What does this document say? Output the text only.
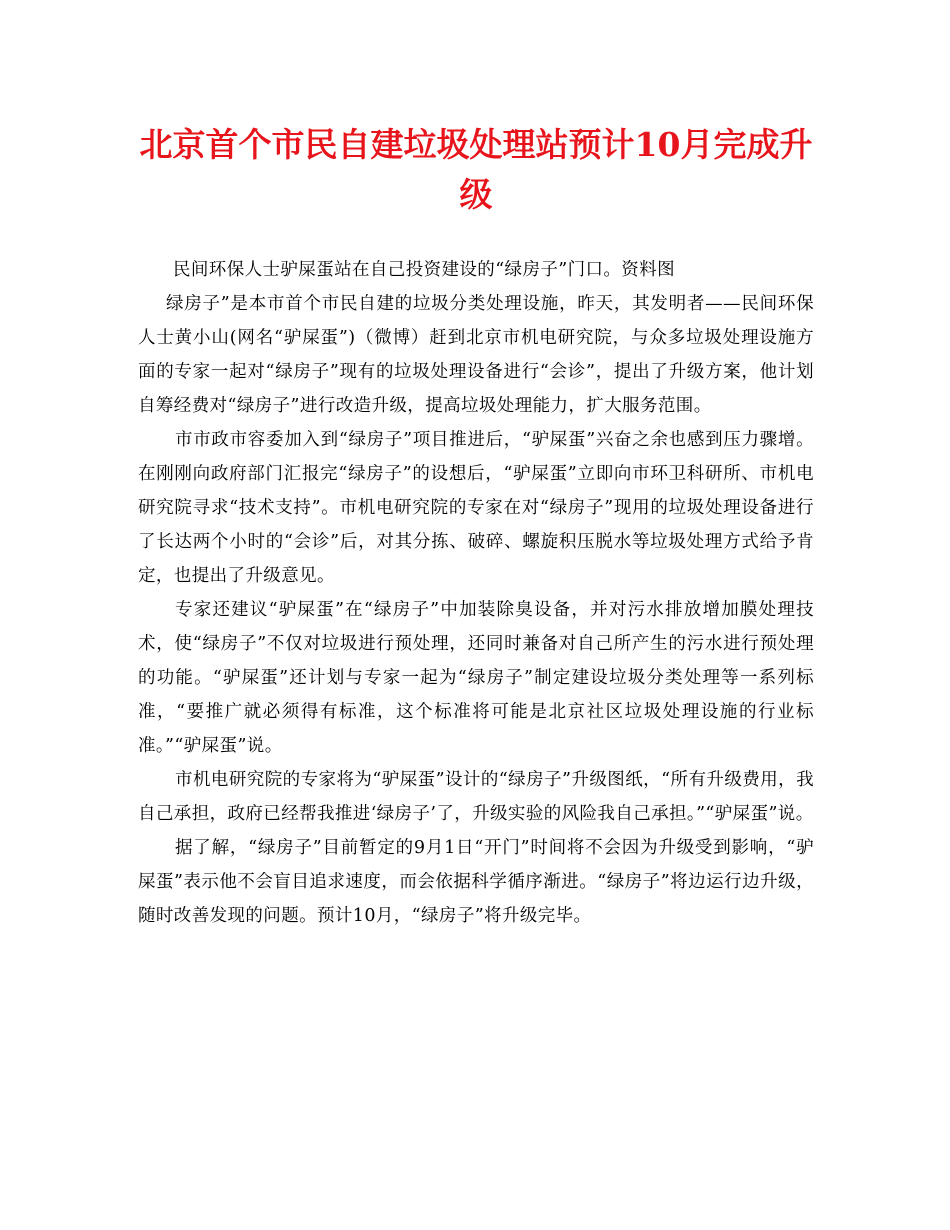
北京首个市民自建垃圾处理站预计10月完成升级

民间环保人士驴屎蛋站在自己投资建设的“绿房子”门口。资料图

绿房子”是本市首个市民自建的垃圾分类处理设施，昨天，其发明者——民间环保人士黄小山(网名“驴屎蛋”)（微博）赶到北京市机电研究院，与众多垃圾处理设施方面的专家一起对“绿房子”现有的垃圾处理设备进行“会诊”，提出了升级方案，他计划自筹经费对“绿房子”进行改造升级，提高垃圾处理能力，扩大服务范围。

市市政市容委加入到“绿房子”项目推进后，“驴屎蛋”兴奋之余也感到压力骤增。在刚刚向政府部门汇报完“绿房子”的设想后，“驴屎蛋”立即向市环卫科研所、市机电研究院寻求“技术支持”。市机电研究院的专家在对“绿房子”现用的垃圾处理设备进行了长达两个小时的“会诊”后，对其分拣、破碎、螺旋积压脱水等垃圾处理方式给予肯定，也提出了升级意见。

专家还建议“驴屎蛋”在“绿房子”中加装除臭设备，并对污水排放增加膜处理技术，使“绿房子”不仅对垃圾进行预处理，还同时兼备对自己所产生的污水进行预处理的功能。“驴屎蛋”还计划与专家一起为“绿房子”制定建设垃圾分类处理等一系列标准，“要推广就必须得有标准，这个标准将可能是北京社区垃圾处理设施的行业标准。”“驴屎蛋”说。

市机电研究院的专家将为“驴屎蛋”设计的“绿房子”升级图纸，“所有升级费用，我自己承担，政府已经帮我推进‘绿房子’了，升级实验的风险我自己承担。”“驴屎蛋”说。

据了解，“绿房子”目前暂定的9月1日“开门”时间将不会因为升级受到影响，“驴屎蛋”表示他不会盲目追求速度，而会依据科学循序渐进。“绿房子”将边运行边升级，随时改善发现的问题。预计10月，“绿房子”将升级完毕。
